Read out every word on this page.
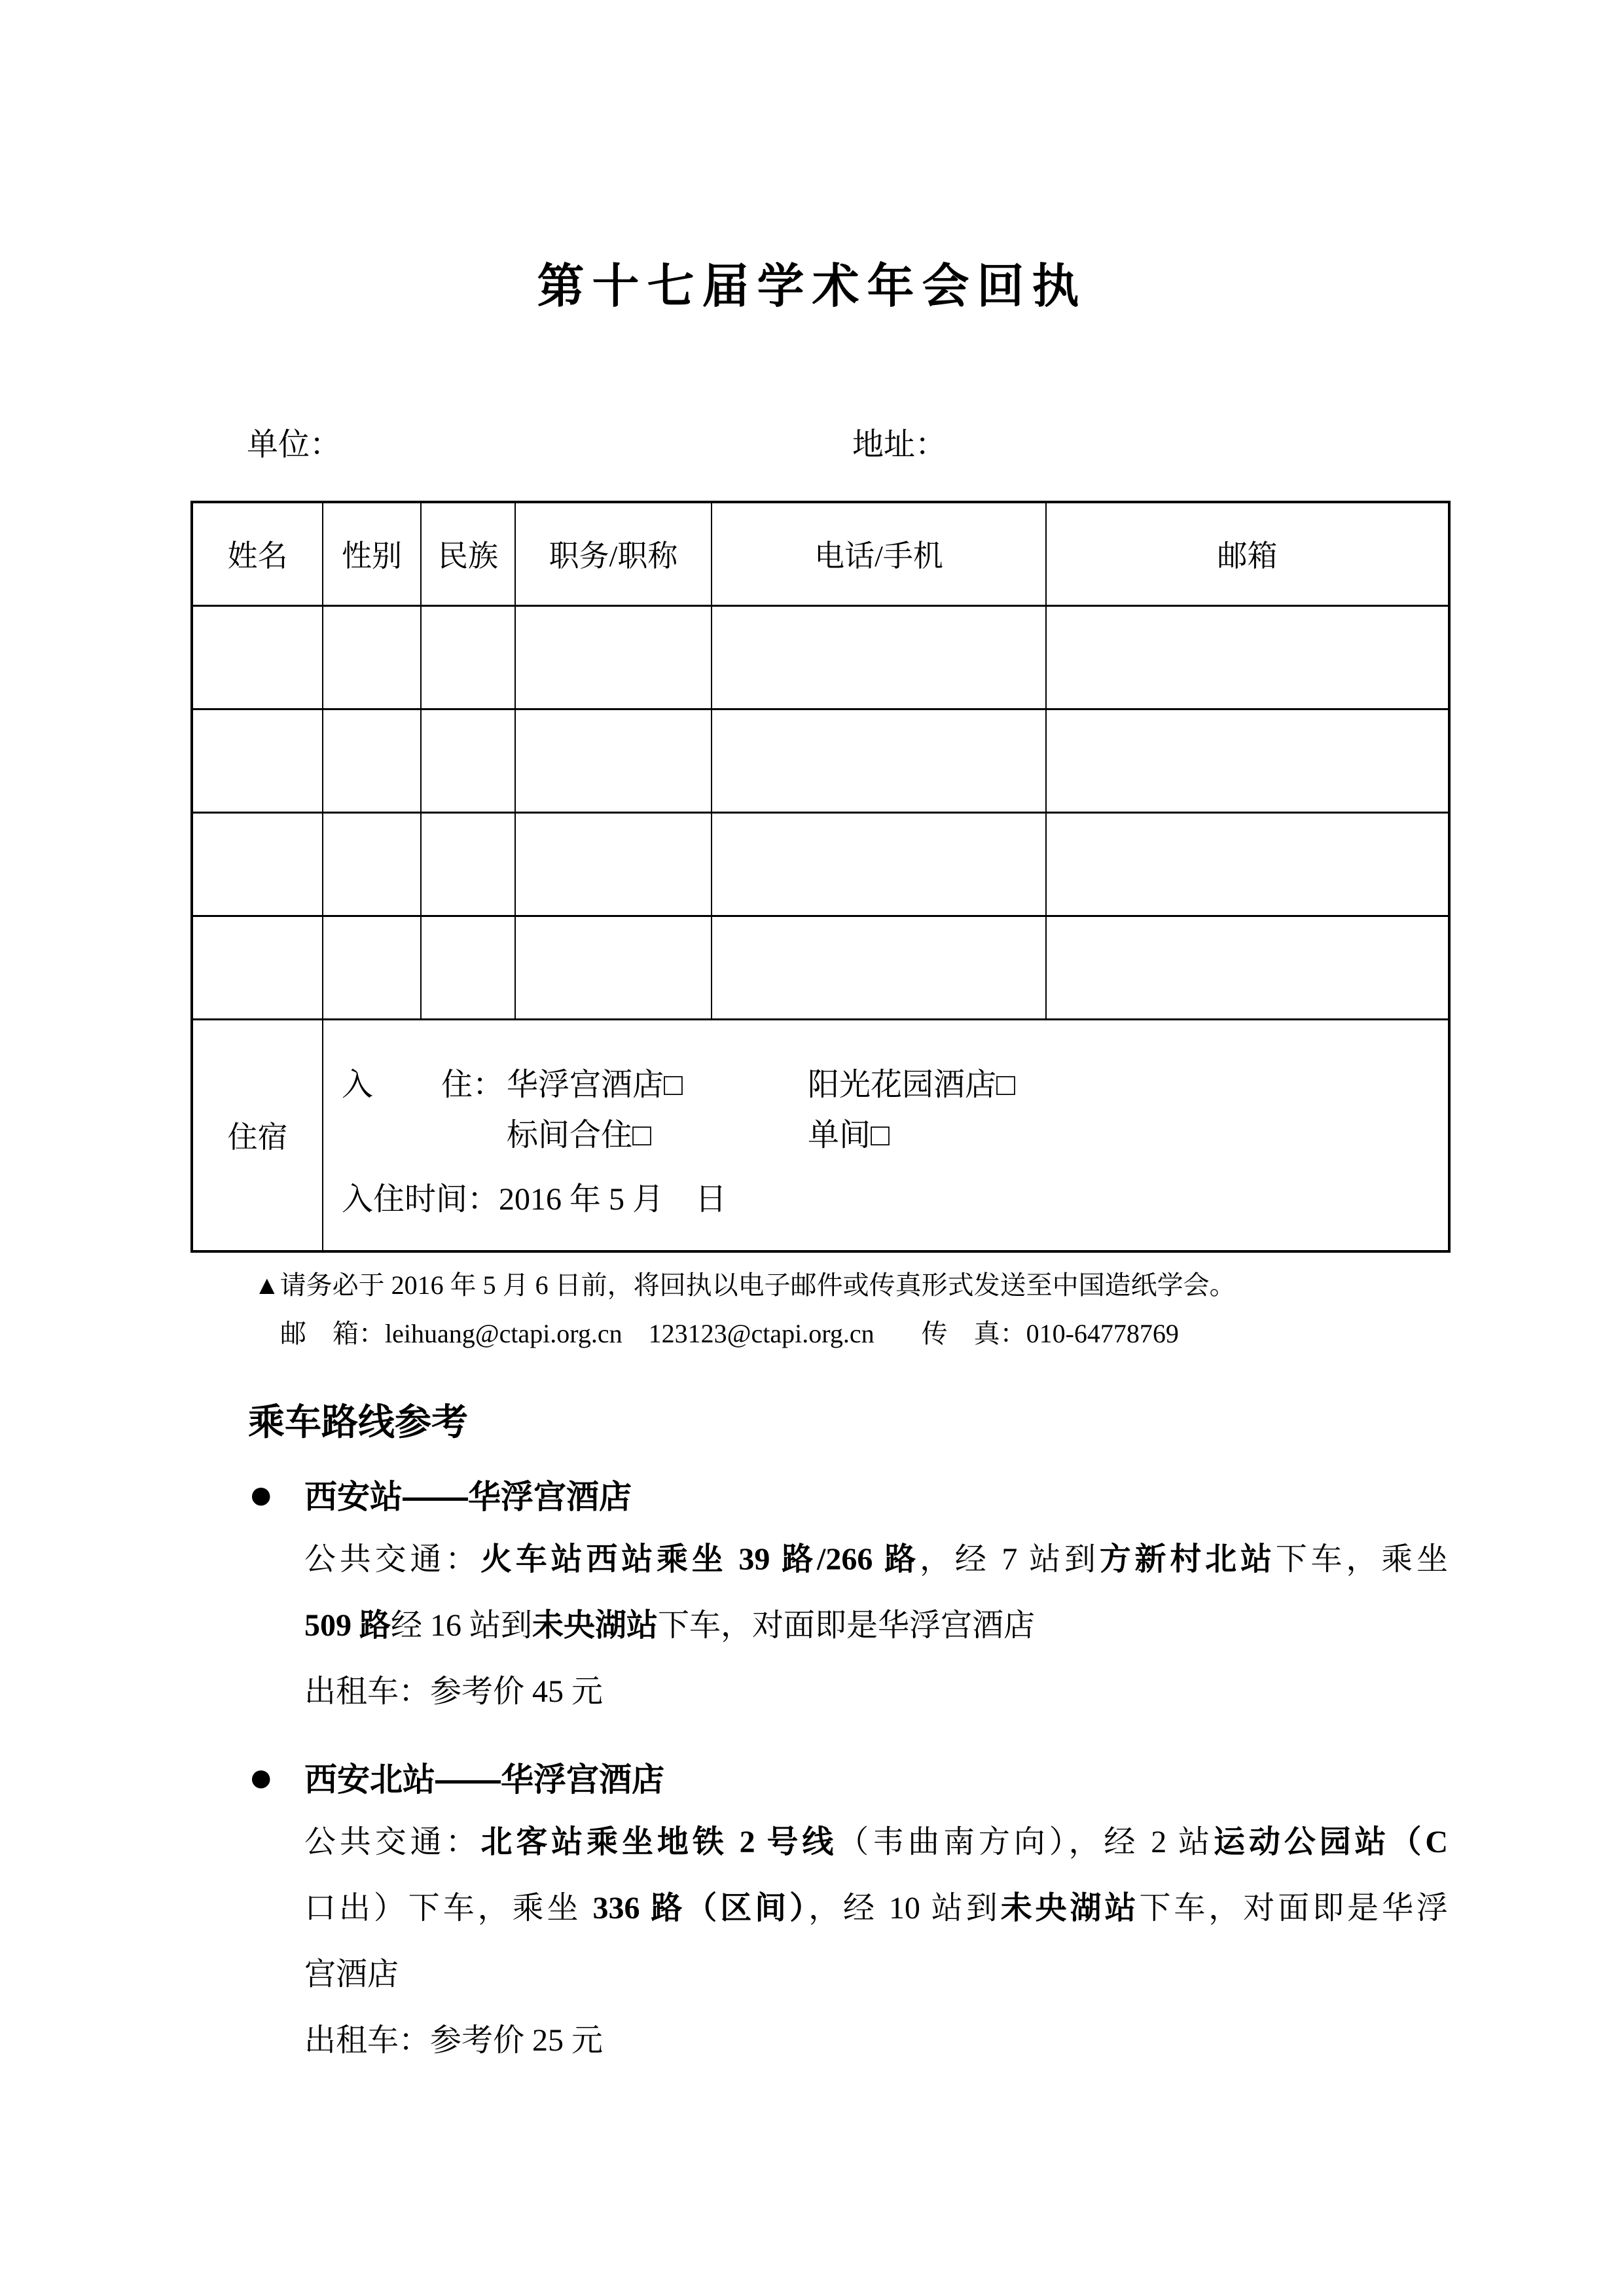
第十七届学术年会回执
单位：	地址：
姓名	性别	民族	职务/职称	电话/手机	邮箱

住宿	
入 住： 华浮宫酒店□	阳光花园酒店□
标间合住□	单间□
入住时间：2016 年 5 月　日
▲请务必于 2016 年 5 月 6 日前，将回执以电子邮件或传真形式发送至中国造纸学会。
邮　箱：leihuang@ctapi.org.cn　123123@ctapi.org.cn 传　真：010-64778769
乘车路线参考
● 西安站——华浮宫酒店
公共交通：火车站西站乘坐 39 路/266 路，经 7 站到方新村北站下车，乘坐
509 路经 16 站到未央湖站下车，对面即是华浮宫酒店
出租车：参考价 45 元
● 西安北站——华浮宫酒店
公共交通：北客站乘坐地铁 2 号线（韦曲南方向），经 2 站运动公园站（C
口出）下车，乘坐 336 路（区间），经 10 站到未央湖站下车，对面即是华浮
宫酒店
出租车：参考价 25 元
